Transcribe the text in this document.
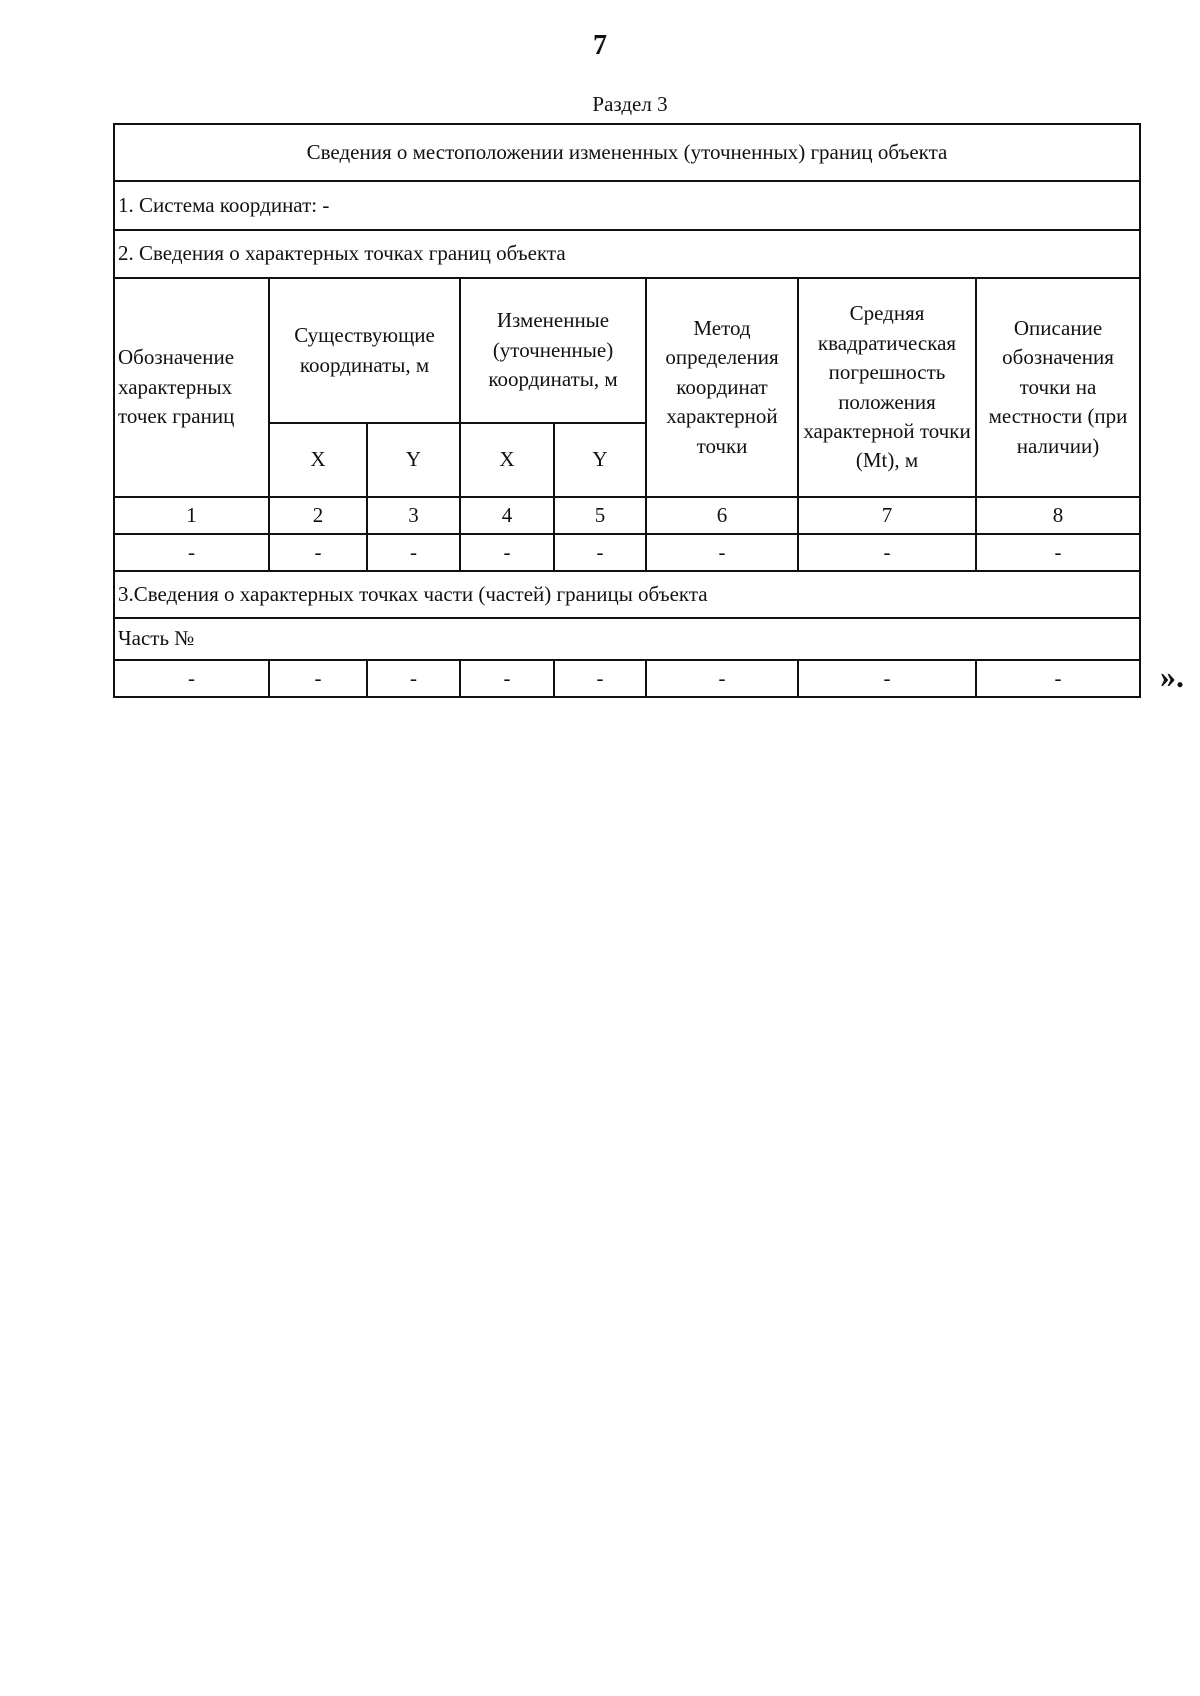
7
Раздел 3
Сведения о местоположении измененных (уточненных) границ объекта							
1. Система координат: -							
2. Сведения о характерных точках границ объекта							
Обозначение характерных точек границ	Существующие координаты, м		Измененные (уточненные) координаты, м		Метод определения координат характерной точки	Средняя квадратическая погрешность положения характерной точки (Mt), м	Описание обозначения точки на местности (при наличии)
	X	Y	X	Y			
1	2	3	4	5	6	7	8
-	-	-	-	-	-	-	-
3.Сведения о характерных точках части (частей) границы объекта							
Часть №							
-	-	-	-	-	-	-	-	».
